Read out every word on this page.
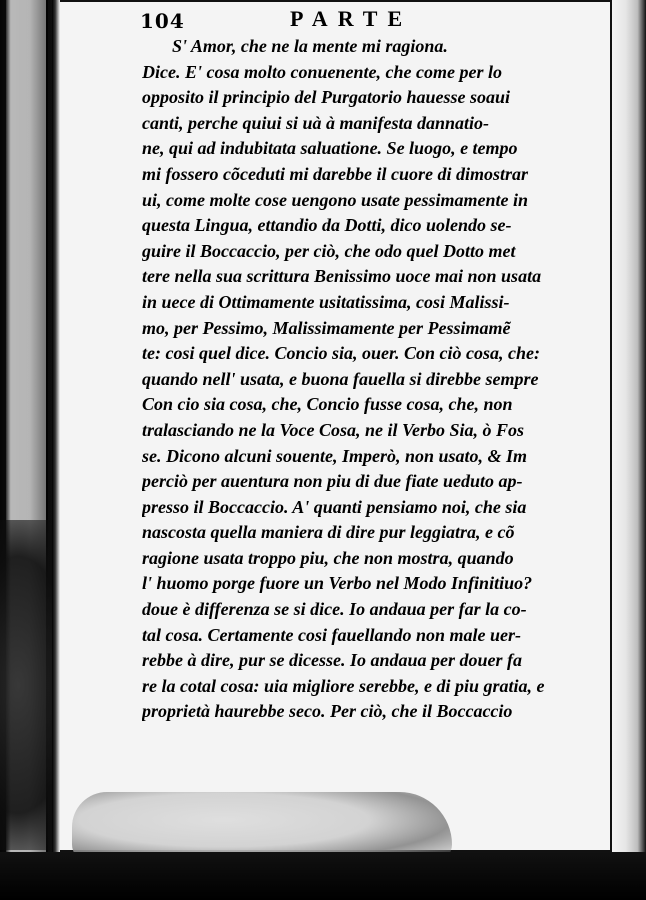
104	PARTE
S' Amor, che ne la mente mi ragiona.
Dice. E' cosa molto conuenente, che come per lo
opposito il principio del Purgatorio hauesse soaui
canti, perche quiui si uà à manifesta dannatio-
ne, qui ad indubitata saluatione. Se luogo, e tempo
mi fossero cõceduti mi darebbe il cuore di dimostrar
ui, come molte cose uengono usate pessimamente in
questa Lingua, ettandio da Dotti, dico uolendo se-
guire il Boccaccio, per ciò, che odo quel Dotto met
tere nella sua scrittura Benissimo uoce mai non usata
in uece di Ottimamente usitatissima, cosi Malissi-
mo, per Pessimo, Malissimamente per Pessimamẽ
te: cosi quel dice. Concio sia, ouer. Con ciò cosa, che:
quando nell' usata, e buona fauella si direbbe sempre
Con cio sia cosa, che, Concio fusse cosa, che, non
tralasciando ne la Voce Cosa, ne il Verbo Sia, ò Fos
se. Dicono alcuni souente, Imperò, non usato, & Im
perciò per auentura non piu di due fiate ueduto ap-
presso il Boccaccio. A' quanti pensiamo noi, che sia
nascosta quella maniera di dire pur leggiatra, e cõ
ragione usata troppo piu, che non mostra, quando
l' huomo porge fuore un Verbo nel Modo Infinitiuo?
doue è differenza se si dice. Io andaua per far la co-
tal cosa. Certamente cosi fauellando non male uer-
rebbe à dire, pur se dicesse. Io andaua per douer fa
re la cotal cosa: uia migliore serebbe, e di piu gratia, e
proprietà haurebbe seco. Per ciò, che il Boccaccio
